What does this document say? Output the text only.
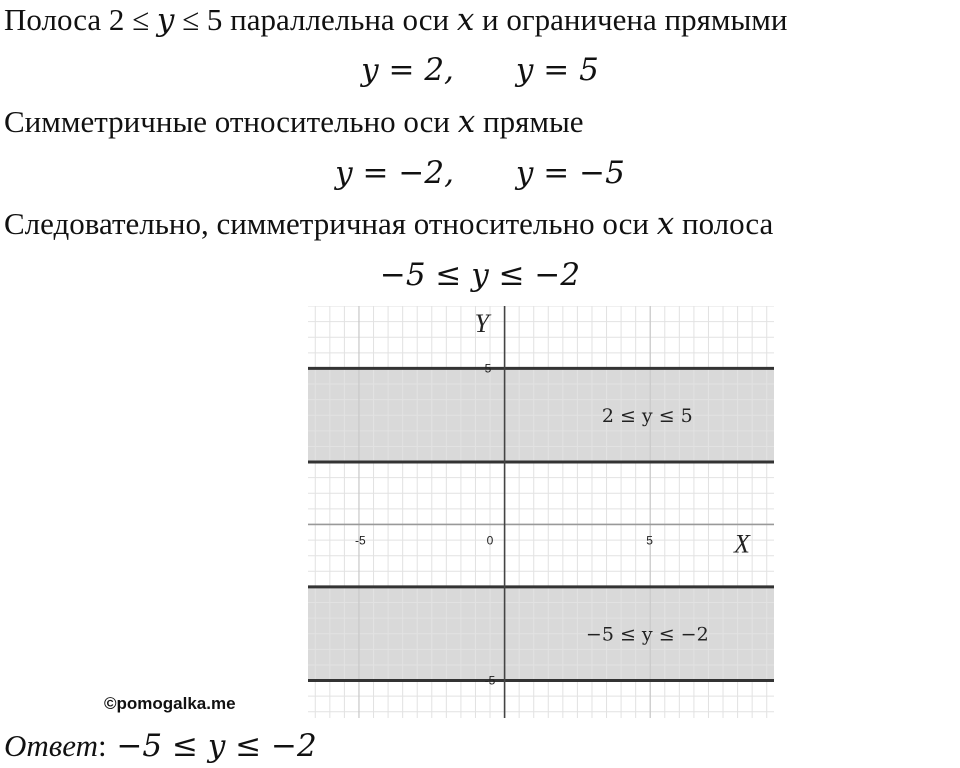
Полоса 2 ≤ 𝑦 ≤ 5 параллельна оси 𝑥 и ограничена прямыми
𝑦 = 2, 𝑦 = 5
Симметричные относительно оси 𝑥 прямые
𝑦 = −2, 𝑦 = −5
Следовательно, симметричная относительно оси 𝑥 полоса
−5 ≤ 𝑦 ≤ −2
-5	0	5
5
-5
X
Y
2 ≤ y ≤ 5
−5 ≤ y ≤ −2
©pomogalka.me
Ответ: −5 ≤ 𝑦 ≤ −2
